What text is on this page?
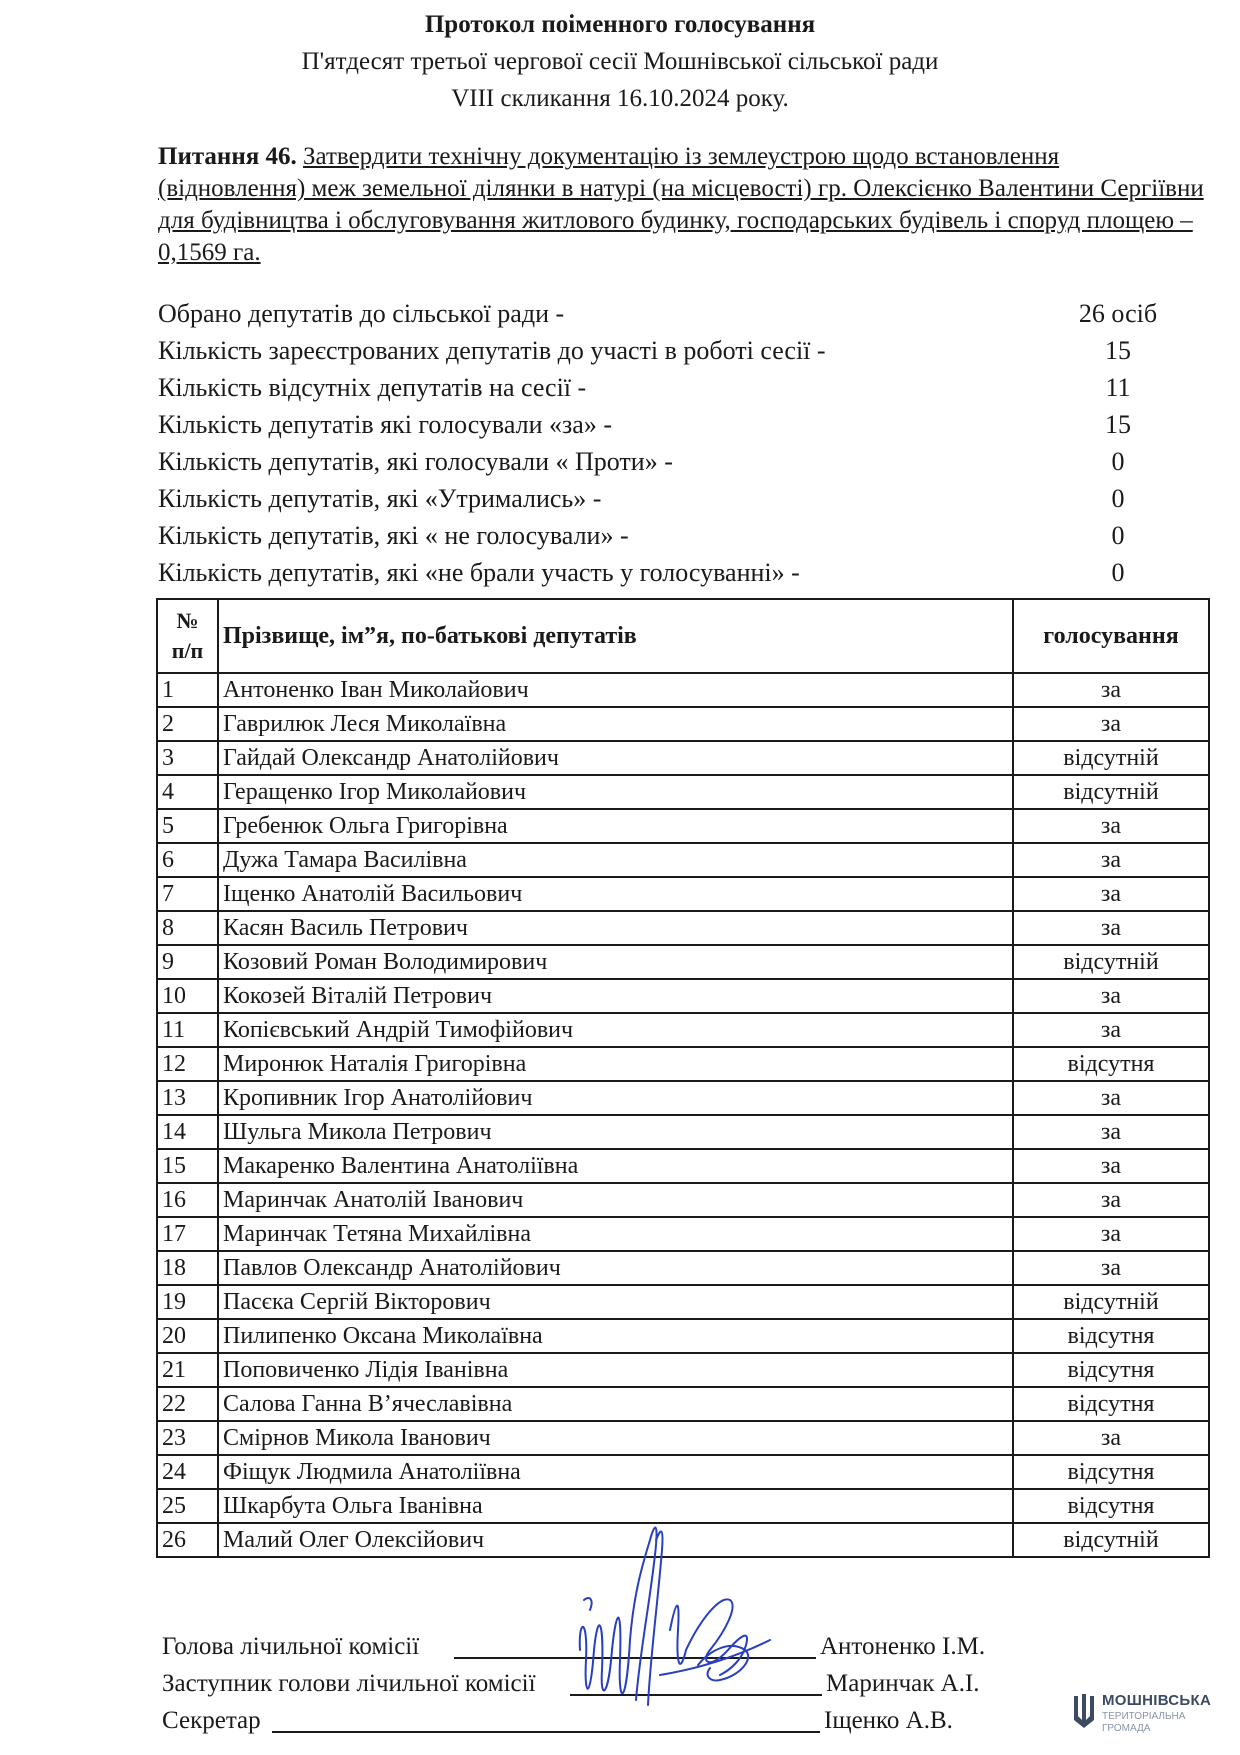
Протокол поіменного голосування
П'ятдесят третьої чергової сесії Мошнівської сільської ради
VIII скликання 16.10.2024 року.
Питання 46. Затвердити технічну документацію із землеустрою щодо встановлення (відновлення) меж земельної ділянки в натурі (на місцевості) гр. Олексієнко Валентини Сергіївни для будівництва і обслуговування житлового будинку, господарських будівель і споруд площею – 0,1569 га.
Обрано депутатів до сільської ради -	26 осіб
Кількість зареєстрованих депутатів до участі в роботі сесії -	15
Кількість відсутніх депутатів на сесії -	11
Кількість депутатів які голосували «за» -	15
Кількість депутатів, які голосували « Проти» -	0
Кількість депутатів, які «Утримались» -	0
Кількість депутатів, які « не голосували» -	0
Кількість депутатів, які «не брали участь у голосуванні» -	0
№
п/п	Прізвище, ім”я, по-батькові депутатів	голосування
1	Антоненко Іван Миколайович	за
2	Гаврилюк Леся Миколаївна	за
3	Гайдай Олександр Анатолійович	відсутній
4	Геращенко Ігор Миколайович	відсутній
5	Гребенюк Ольга Григорівна	за
6	Дужа Тамара Василівна	за
7	Іщенко Анатолій Васильович	за
8	Касян Василь Петрович	за
9	Козовий Роман Володимирович	відсутній
10	Кокозей Віталій Петрович	за
11	Копієвський Андрій Тимофійович	за
12	Миронюк Наталія Григорівна	відсутня
13	Кропивник Ігор Анатолійович	за
14	Шульга Микола Петрович	за
15	Макаренко Валентина Анатоліївна	за
16	Маринчак Анатолій Іванович	за
17	Маринчак Тетяна Михайлівна	за
18	Павлов Олександр Анатолійович	за
19	Пасєка Сергій Вікторович	відсутній
20	Пилипенко Оксана Миколаївна	відсутня
21	Поповиченко Лідія Іванівна	відсутня
22	Салова Ганна В’ячеславівна	відсутня
23	Смірнов Микола Іванович	за
24	Фіщук Людмила Анатоліївна	відсутня
25	Шкарбута Ольга Іванівна	відсутня
26	Малий Олег Олексійович	відсутній
Голова лічильної комісії	Антоненко І.М.
Заступник голови лічильної комісії	Маринчак А.І.
Секретар	Іщенко А.В.
МОШНІВСЬКА
ТЕРИТОРІАЛЬНА
ГРОМАДА
